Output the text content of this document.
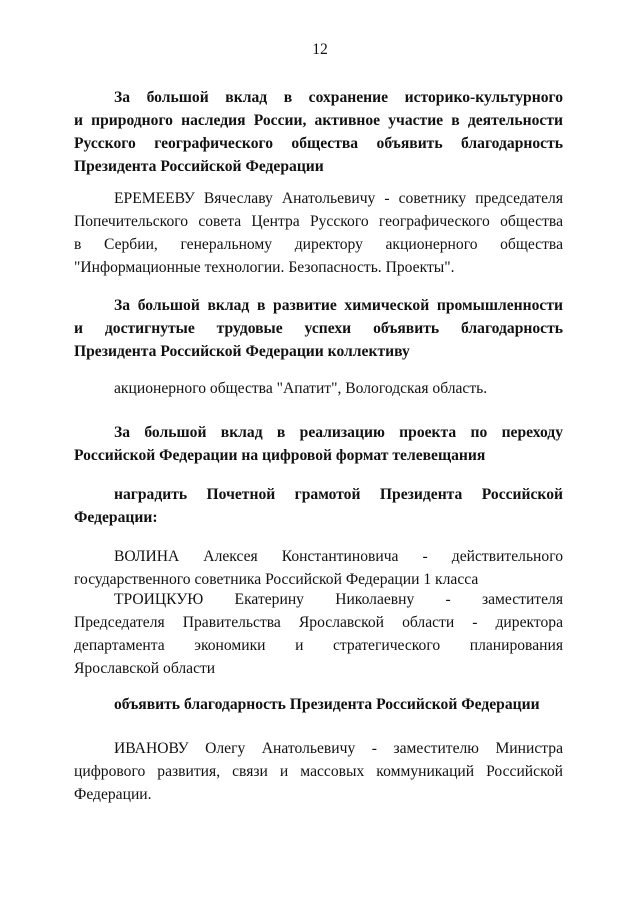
12
За большой вклад в сохранение историко-культурного
и природного наследия России, активное участие в деятельности
Русского географического общества объявить благодарность
Президента Российской Федерации
ЕРЕМЕЕВУ Вячеславу Анатольевичу - советнику председателя
Попечительского совета Центра Русского географического общества
в Сербии, генеральному директору акционерного общества
"Информационные технологии. Безопасность. Проекты".
За большой вклад в развитие химической промышленности
и достигнутые трудовые успехи объявить благодарность
Президента Российской Федерации коллективу
акционерного общества "Апатит", Вологодская область.
За большой вклад в реализацию проекта по переходу
Российской Федерации на цифровой формат телевещания
наградить Почетной грамотой Президента Российской
Федерации:
ВОЛИНА Алексея Константиновича - действительного
государственного советника Российской Федерации 1 класса
ТРОИЦКУЮ Екатерину Николаевну - заместителя
Председателя Правительства Ярославской области - директора
департамента экономики и стратегического планирования
Ярославской области
объявить благодарность Президента Российской Федерации
ИВАНОВУ Олегу Анатольевичу - заместителю Министра
цифрового развития, связи и массовых коммуникаций Российской
Федерации.
